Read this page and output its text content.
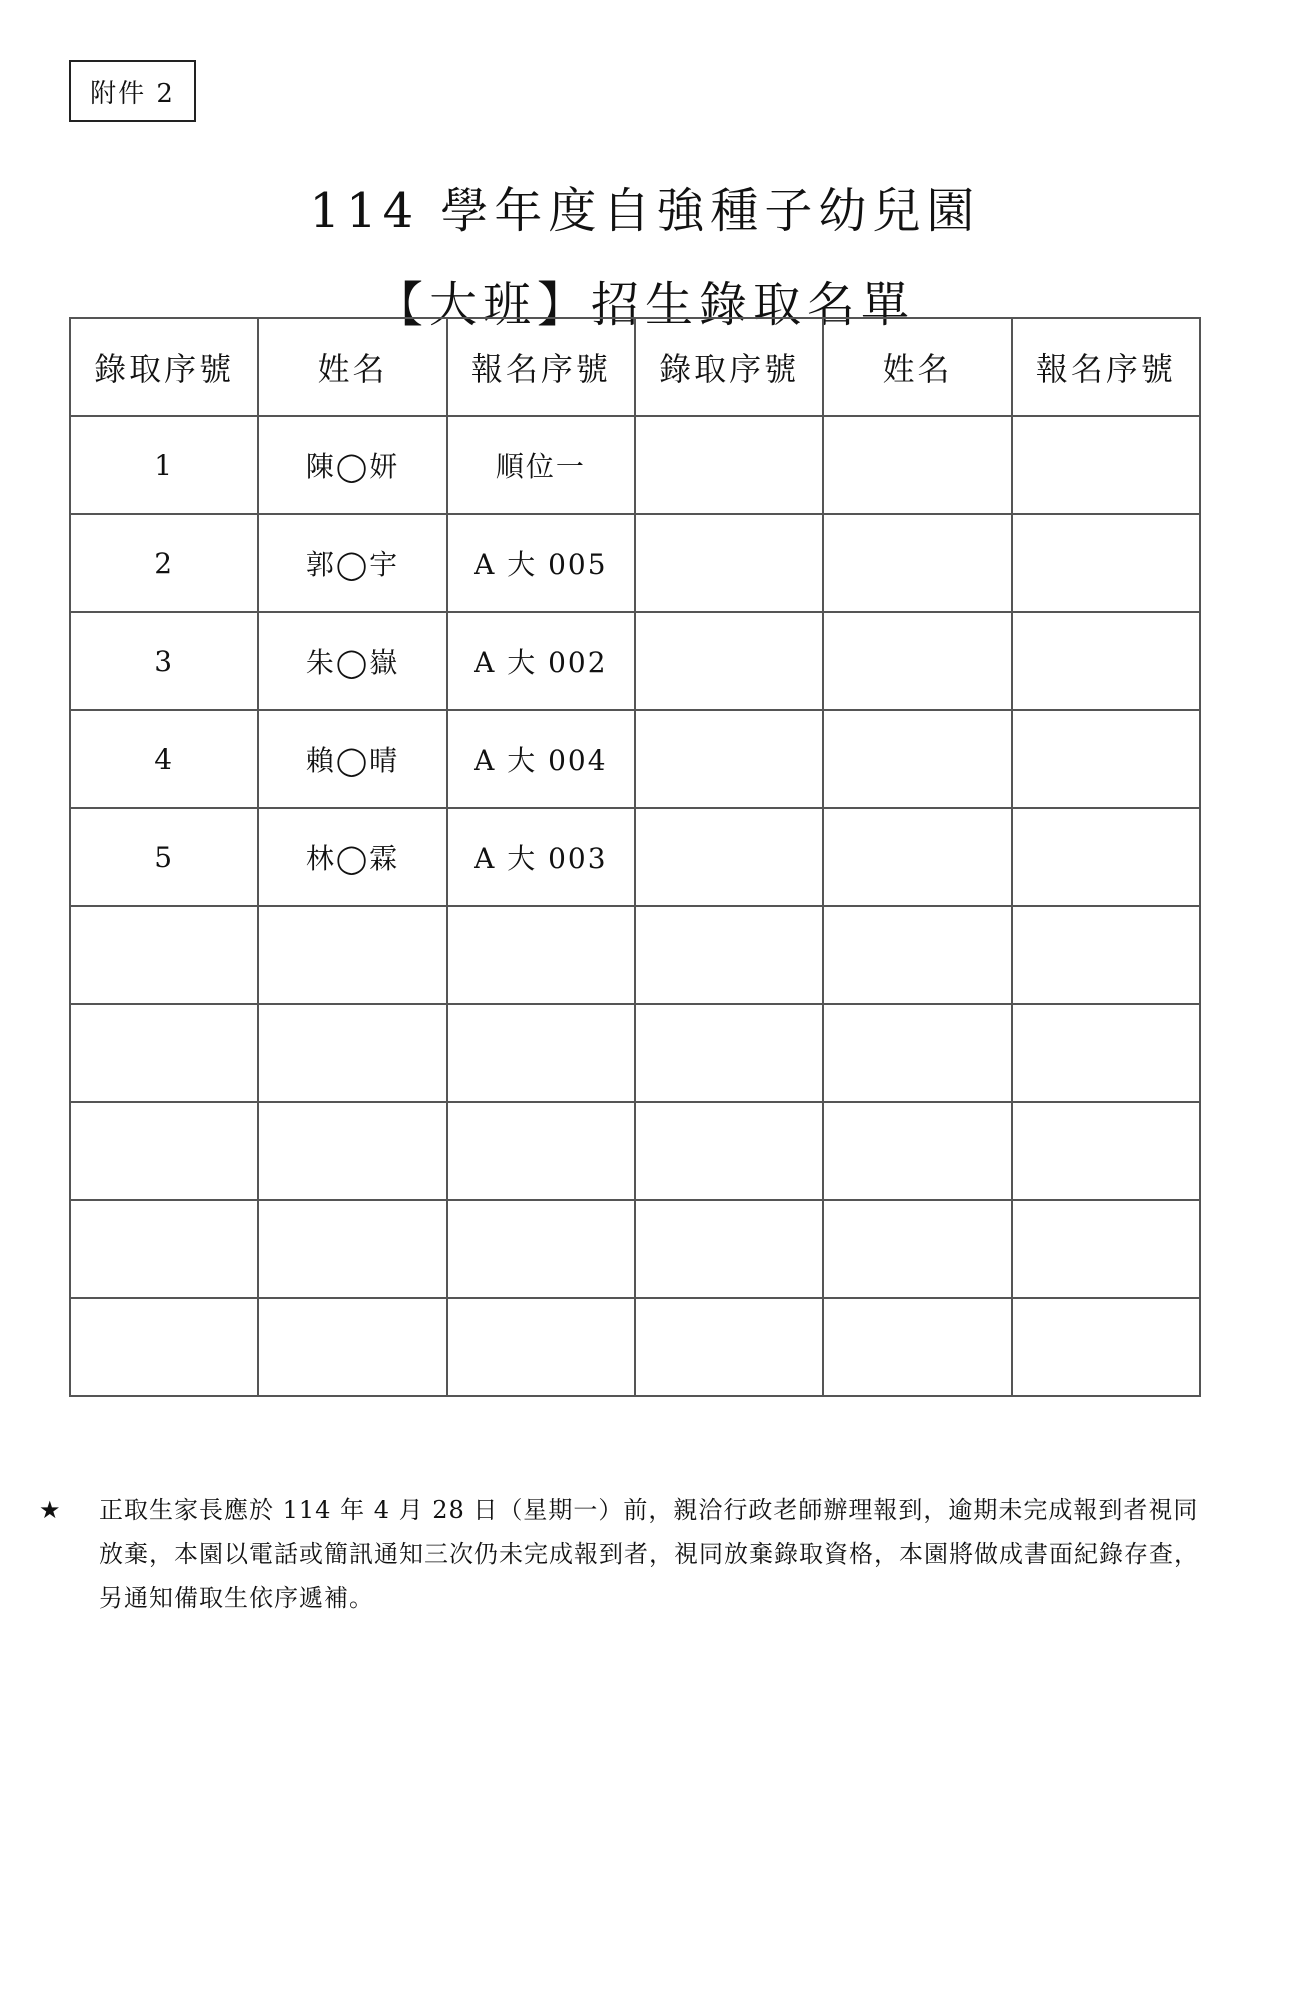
附件 2
114 學年度自強種子幼兒園
【大班】招生錄取名單
錄取序號	姓名	報名序號	錄取序號	姓名	報名序號
1	陳◯妍	順位一			
2	郭◯宇	A 大 005			
3	朱◯嶽	A 大 002			
4	賴◯晴	A 大 004			
5	林◯霖	A 大 003			

★ 正取生家長應於 114 年 4 月 28 日（星期一）前，親洽行政老師辦理報到，逾期未完成報到者視同放棄，本園以電話或簡訊通知三次仍未完成報到者，視同放棄錄取資格，本園將做成書面紀錄存查，另通知備取生依序遞補。
